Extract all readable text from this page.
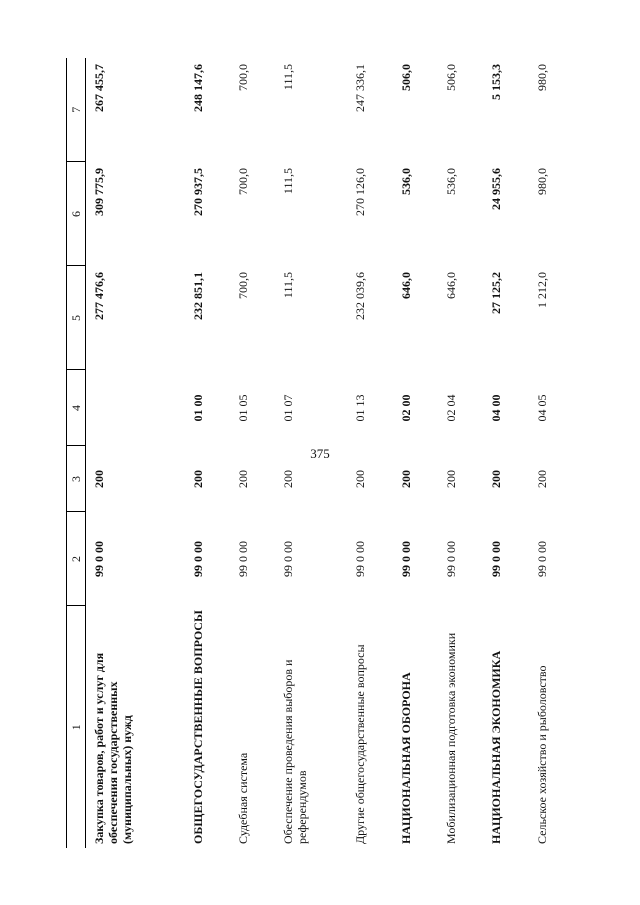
375
1	2	3	4	5	6	7
Закупка товаров, работ и услуг для обеспечения государственных (муниципальных) нужд	99 0 00	200		277 476,6	309 775,9	267 455,7
ОБЩЕГОСУДАРСТВЕННЫЕ ВОПРОСЫ	99 0 00	200	01 00	232 851,1	270 937,5	248 147,6
Судебная система	99 0 00	200	01 05	700,0	700,0	700,0
Обеспечение проведения выборов и референдумов	99 0 00	200	01 07	111,5	111,5	111,5
Другие общегосударственные вопросы	99 0 00	200	01 13	232 039,6	270 126,0	247 336,1
НАЦИОНАЛЬНАЯ ОБОРОНА	99 0 00	200	02 00	646,0	536,0	506,0
Мобилизационная подготовка экономики	99 0 00	200	02 04	646,0	536,0	506,0
НАЦИОНАЛЬНАЯ ЭКОНОМИКА	99 0 00	200	04 00	27 125,2	24 955,6	5 153,3
Сельское хозяйство и рыболовство	99 0 00	200	04 05	1 212,0	980,0	980,0
